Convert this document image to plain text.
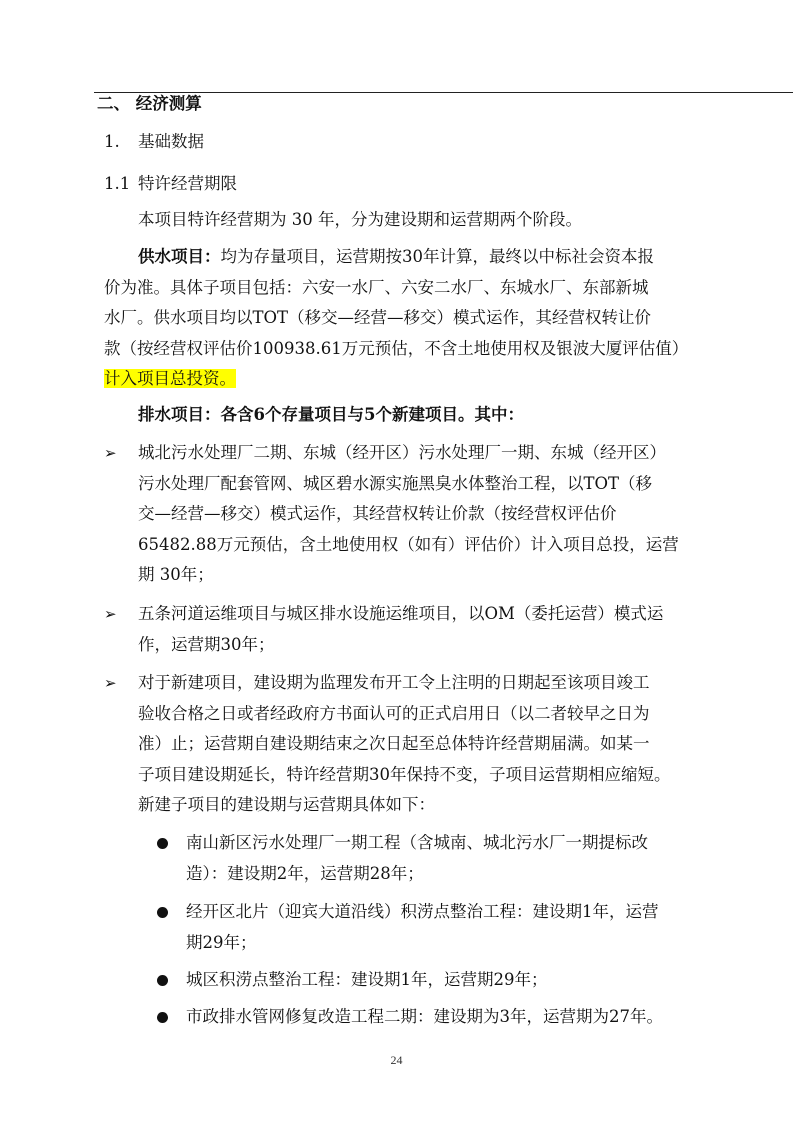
二、 经济测算
1. 基础数据
1.1 特许经营期限
本项目特许经营期为 30 年，分为建设期和运营期两个阶段。
供水项目：均为存量项目，运营期按30年计算，最终以中标社会资本报
价为准。具体子项目包括：六安一水厂、六安二水厂、东城水厂、东部新城
水厂。供水项目均以TOT（移交—经营—移交）模式运作，其经营权转让价
款（按经营权评估价100938.61万元预估，不含土地使用权及银波大厦评估值）
计入项目总投资。
排水项目：各含6个存量项目与5个新建项目。其中：
➢ 城北污水处理厂二期、东城（经开区）污水处理厂一期、东城（经开区）
污水处理厂配套管网、城区碧水源实施黑臭水体整治工程，以TOT（移
交—经营—移交）模式运作，其经营权转让价款（按经营权评估价
65482.88万元预估，含土地使用权（如有）评估价）计入项目总投，运营
期 30年；
➢ 五条河道运维项目与城区排水设施运维项目，以OM（委托运营）模式运
作，运营期30年；
➢ 对于新建项目，建设期为监理发布开工令上注明的日期起至该项目竣工
验收合格之日或者经政府方书面认可的正式启用日（以二者较早之日为
准）止；运营期自建设期结束之次日起至总体特许经营期届满。如某一
子项目建设期延长，特许经营期30年保持不变，子项目运营期相应缩短。
新建子项目的建设期与运营期具体如下：
南山新区污水处理厂一期工程（含城南、城北污水厂一期提标改
造）：建设期2年，运营期28年；
经开区北片（迎宾大道沿线）积涝点整治工程：建设期1年，运营
期29年；
城区积涝点整治工程：建设期1年，运营期29年；
市政排水管网修复改造工程二期：建设期为3年，运营期为27年。
24
